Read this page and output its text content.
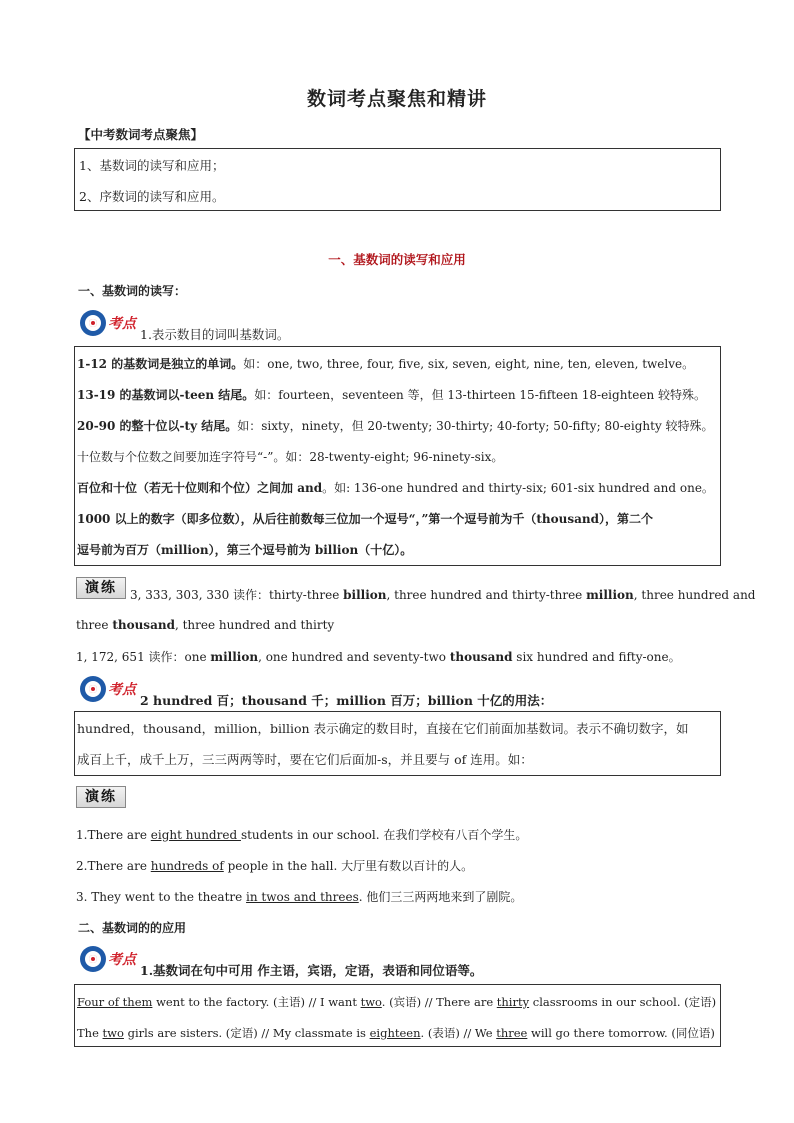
数词考点聚焦和精讲
【中考数词考点聚焦】
1、基数词的读写和应用；
2、序数词的读写和应用。
一、基数词的读写和应用
一、基数词的读写：
考点
1.表示数目的词叫基数词。
1-12 的基数词是独立的单词。如：one, two, three, four, five, six, seven, eight, nine, ten, eleven, twelve。
13-19 的基数词以-teen 结尾。如：fourteen，seventeen 等，但 13-thirteen 15-fifteen 18-eighteen 较特殊。
20-90 的整十位以-ty 结尾。如：sixty，ninety，但 20-twenty; 30-thirty; 40-forty; 50-fifty; 80-eighty 较特殊。
十位数与个位数之间要加连字符号“-”。如：28-twenty-eight; 96-ninety-six。
百位和十位（若无十位则和个位）之间加 and。如: 136-one hundred and thirty-six; 601-six hundred and one。
1000 以上的数字（即多位数），从后往前数每三位加一个逗号“，”第一个逗号前为千（thousand），第二个
逗号前为百万（million），第三个逗号前为 billion（十亿）。
演练	3, 333, 303, 330 读作：thirty-three billion, three hundred and thirty-three million, three hundred and
three thousand, three hundred and thirty
1, 172, 651 读作：one million, one hundred and seventy-two thousand six hundred and fifty-one。
考点
2 hundred 百；thousand 千；million 百万；billion 十亿的用法：
hundred，thousand，million，billion 表示确定的数目时，直接在它们前面加基数词。表示不确切数字，如
成百上千，成千上万，三三两两等时，要在它们后面加-s，并且要与 of 连用。如：
演练
1.There are eight hundred students in our school. 在我们学校有八百个学生。
2.There are hundreds of people in the hall. 大厅里有数以百计的人。
3. They went to the theatre in twos and threes. 他们三三两两地来到了剧院。
二、基数词的的应用
考点
1.基数词在句中可用 作主语，宾语，定语，表语和同位语等。
Four of them went to the factory. (主语) // I want two. (宾语) // There are thirty classrooms in our school. (定语)
The two girls are sisters. (定语) // My classmate is eighteen. (表语) // We three will go there tomorrow. (同位语)
